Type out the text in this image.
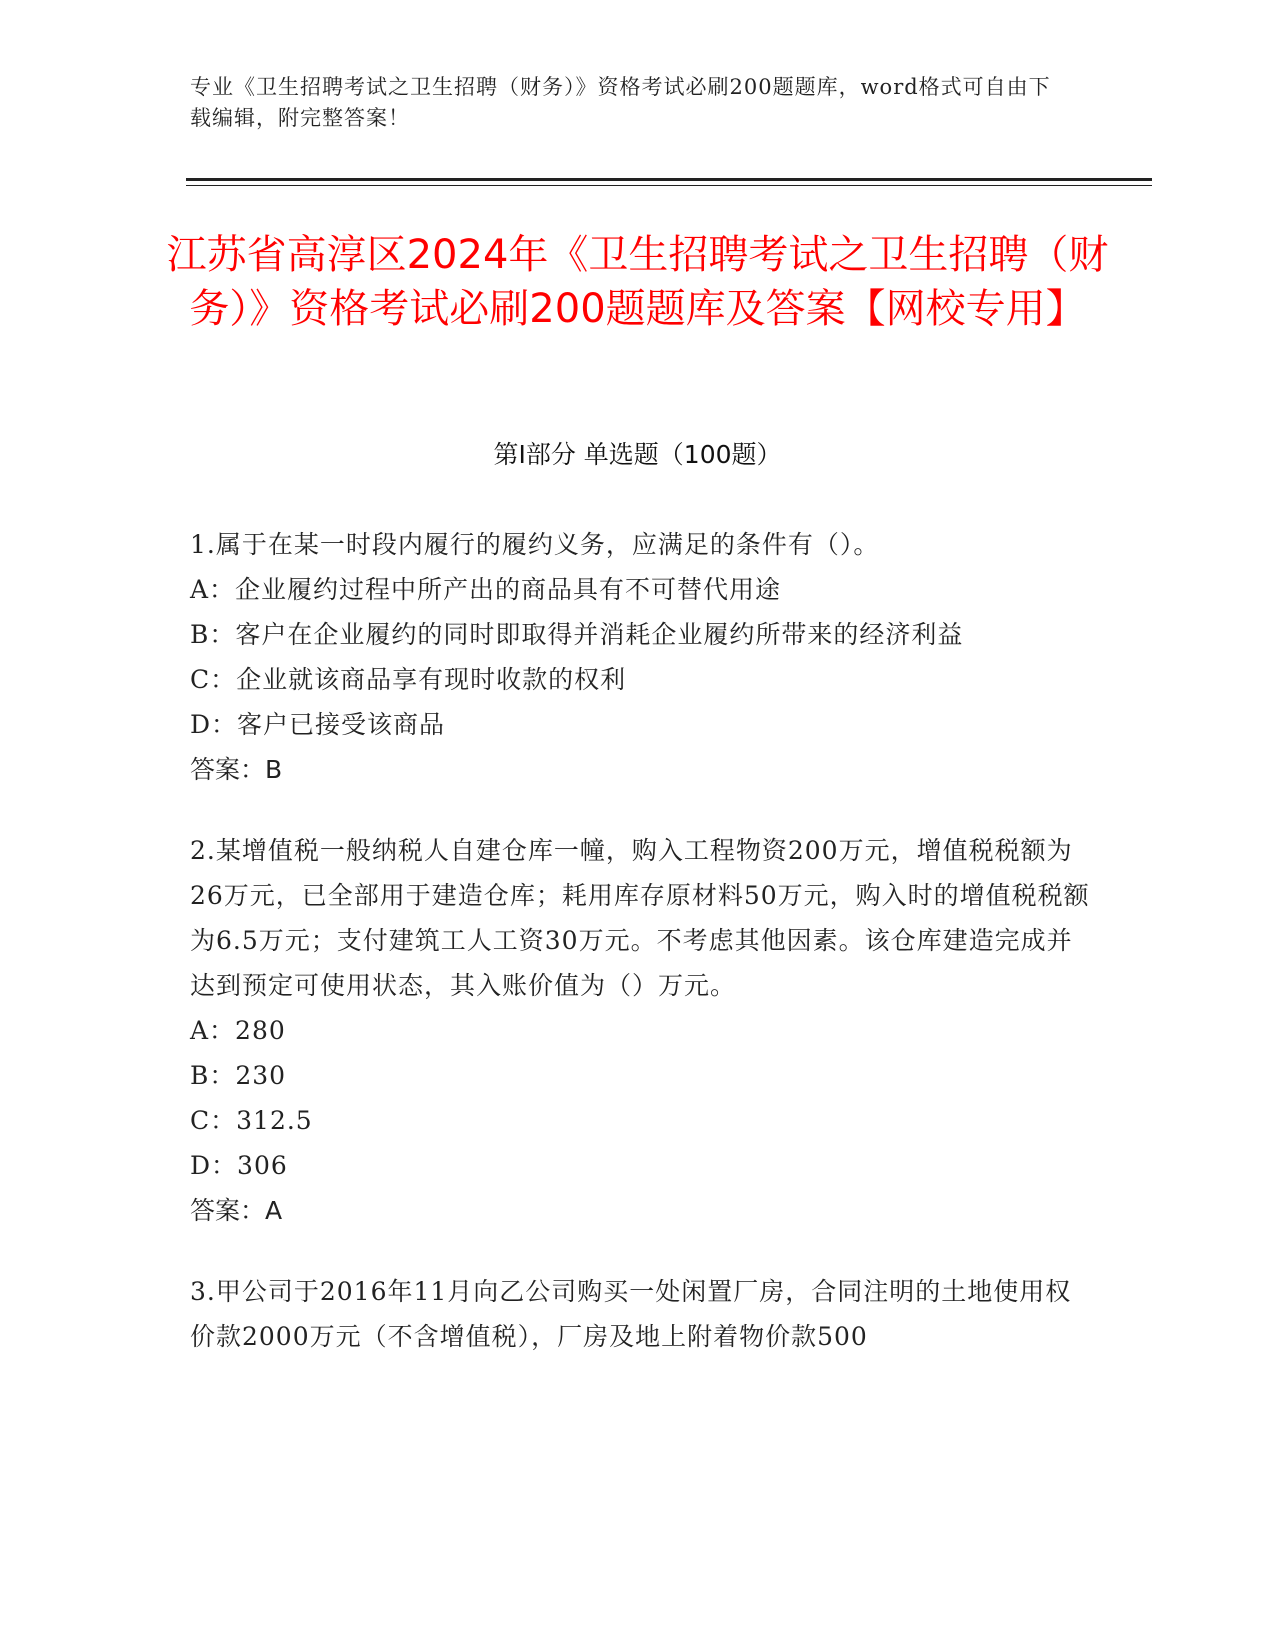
专业《卫生招聘考试之卫生招聘（财务）》资格考试必刷200题题库，word格式可自由下载编辑，附完整答案！
江苏省高淳区2024年《卫生招聘考试之卫生招聘（财务）》资格考试必刷200题题库及答案【网校专用】
第Ⅰ部分 单选题（100题）

1.属于在某一时段内履行的履约义务，应满足的条件有（）。

A：企业履约过程中所产出的商品具有不可替代用途

B：客户在企业履约的同时即取得并消耗企业履约所带来的经济利益

C：企业就该商品享有现时收款的权利

D：客户已接受该商品

答案：B

2.某增值税一般纳税人自建仓库一幢，购入工程物资200万元，增值税税额为26万元，已全部用于建造仓库；耗用库存原材料50万元，购入时的增值税税额为6.5万元；支付建筑工人工资30万元。不考虑其他因素。该仓库建造完成并达到预定可使用状态，其入账价值为（）万元。

A：280

B：230

C：312.5

D：306

答案：A

3.甲公司于2016年11月向乙公司购买一处闲置厂房，合同注明的土地使用权价款2000万元（不含增值税），厂房及地上附着物价款500
